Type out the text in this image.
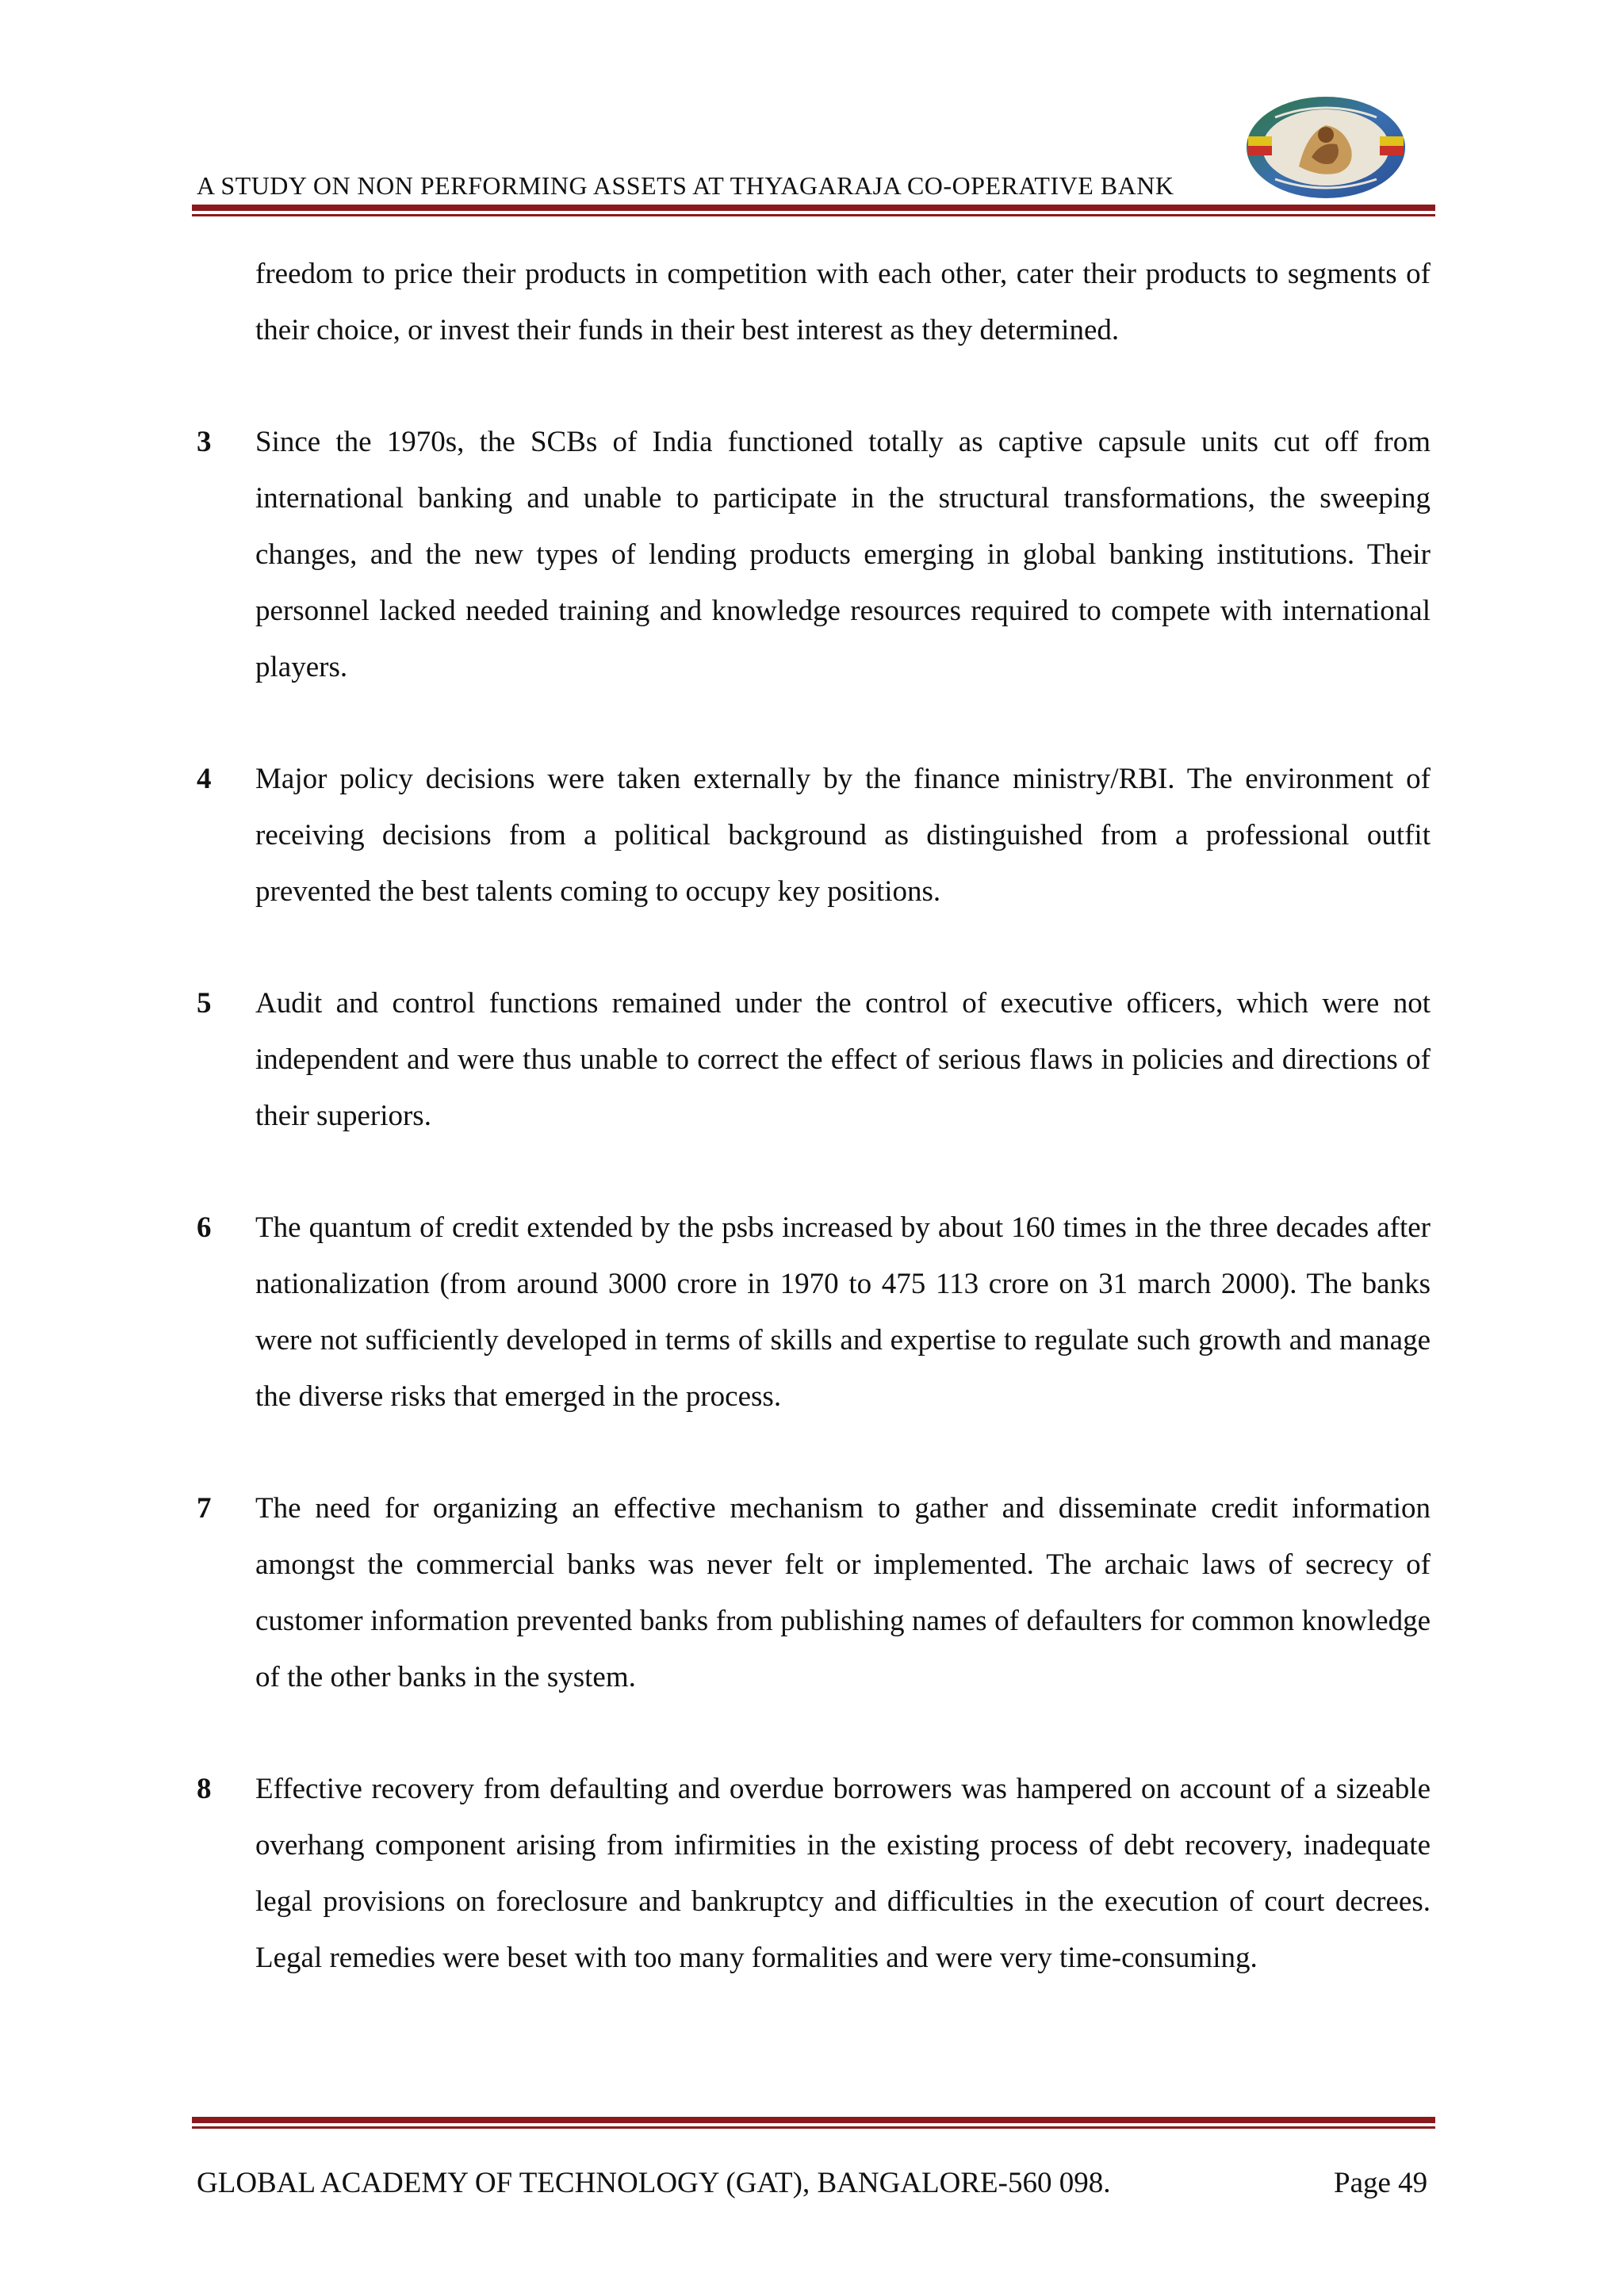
A STUDY ON NON PERFORMING ASSETS AT THYAGARAJA CO-OPERATIVE BANK
freedom to price their products in competition with each other, cater their products to segments of their choice, or invest their funds in their best interest as they determined.
3	Since the 1970s, the SCBs of India functioned totally as captive capsule units cut off from international banking and unable to participate in the structural transformations, the sweeping changes, and the new types of lending products emerging in global banking institutions. Their personnel lacked needed training and knowledge resources required to compete with international players.
4	Major policy decisions were taken externally by the finance ministry/RBI. The environment of receiving decisions from a political background as distinguished from a professional outfit prevented the best talents coming to occupy key positions.
5	Audit and control functions remained under the control of executive officers, which were not independent and were thus unable to correct the effect of serious flaws in policies and directions of their superiors.
6	The quantum of credit extended by the psbs increased by about 160 times in the three decades after nationalization (from around 3000 crore in 1970 to 475 113 crore on 31 march 2000). The banks were not sufficiently developed in terms of skills and expertise to regulate such growth and manage the diverse risks that emerged in the process.
7	The need for organizing an effective mechanism to gather and disseminate credit information amongst the commercial banks was never felt or implemented. The archaic laws of secrecy of customer information prevented banks from publishing names of defaulters for common knowledge of the other banks in the system.
8	Effective recovery from defaulting and overdue borrowers was hampered on account of a sizeable overhang component arising from infirmities in the existing process of debt recovery, inadequate legal provisions on foreclosure and bankruptcy and difficulties in the execution of court decrees. Legal remedies were beset with too many formalities and were very time-consuming.
GLOBAL ACADEMY OF TECHNOLOGY (GAT), BANGALORE-560 098.	Page 49
